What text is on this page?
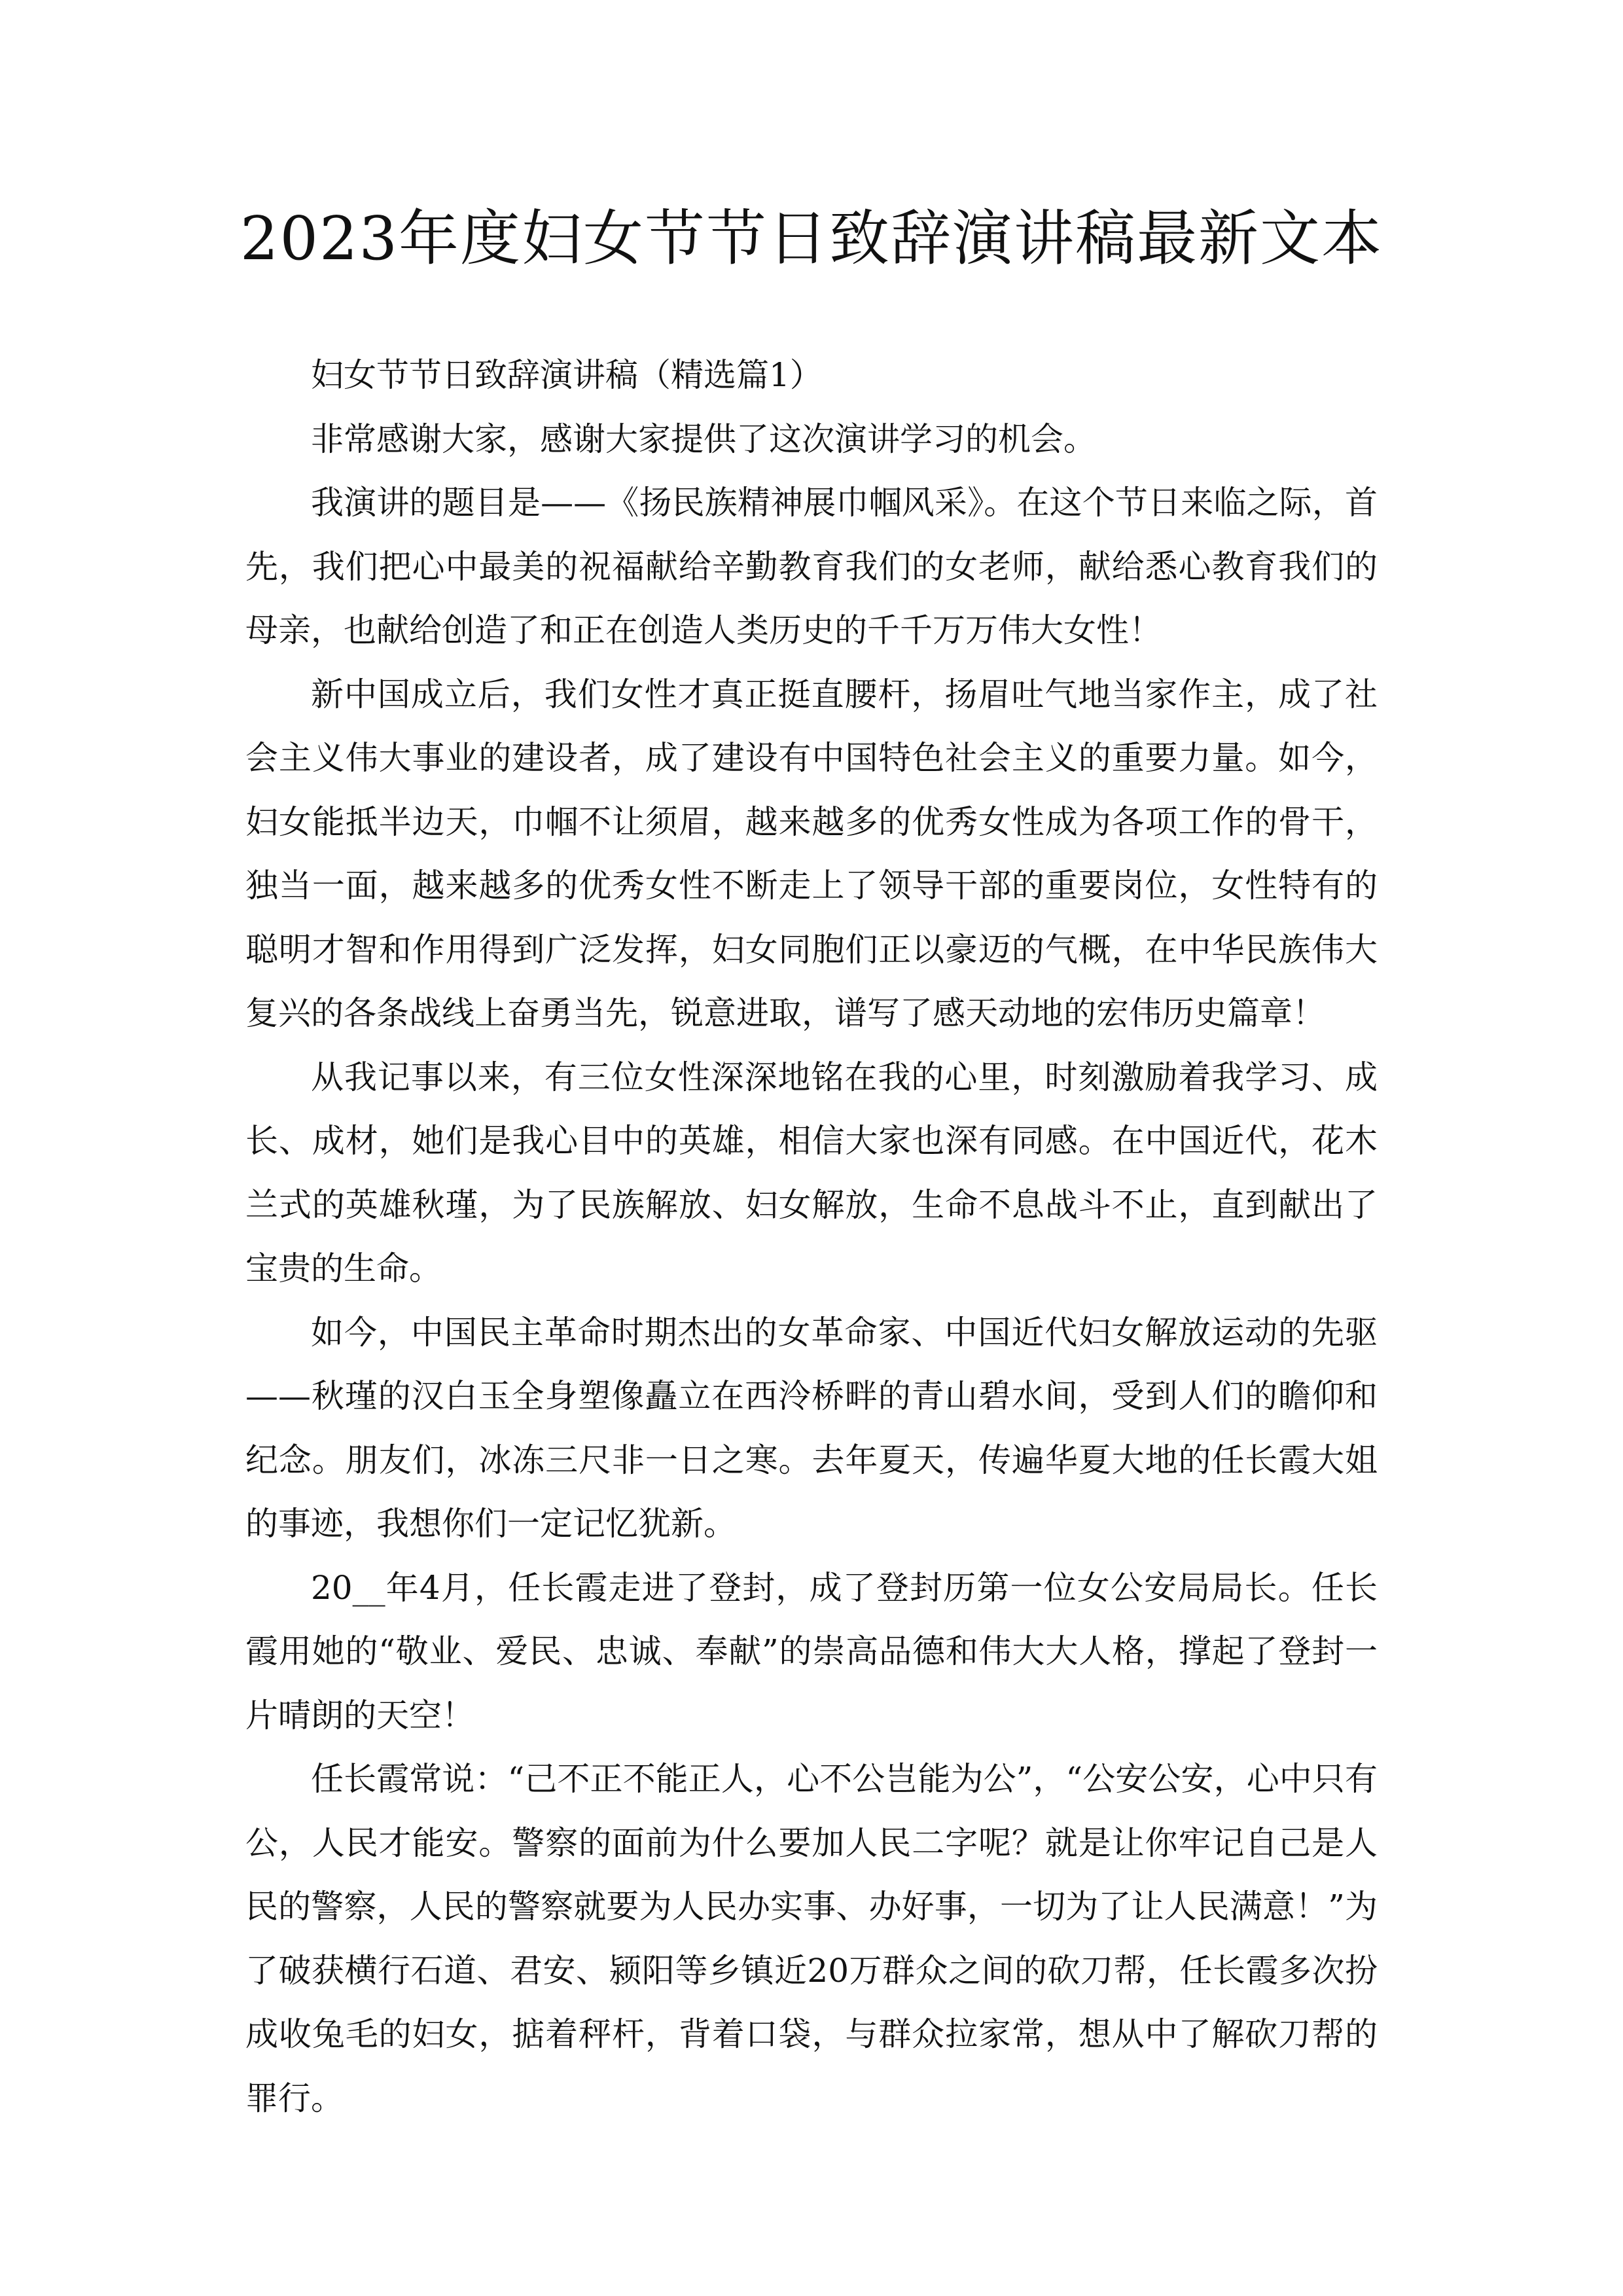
2023年度妇女节节日致辞演讲稿最新文本

妇女节节日致辞演讲稿（精选篇1）

非常感谢大家，感谢大家提供了这次演讲学习的机会。

我演讲的题目是——《扬民族精神展巾帼风采》。在这个节日来临之际，首先，我们把心中最美的祝福献给辛勤教育我们的女老师，献给悉心教育我们的母亲，也献给创造了和正在创造人类历史的千千万万伟大女性！

新中国成立后，我们女性才真正挺直腰杆，扬眉吐气地当家作主，成了社会主义伟大事业的建设者，成了建设有中国特色社会主义的重要力量。如今，妇女能抵半边天，巾帼不让须眉，越来越多的优秀女性成为各项工作的骨干，独当一面，越来越多的优秀女性不断走上了领导干部的重要岗位，女性特有的聪明才智和作用得到广泛发挥，妇女同胞们正以豪迈的气概，在中华民族伟大复兴的各条战线上奋勇当先，锐意进取，谱写了感天动地的宏伟历史篇章！

从我记事以来，有三位女性深深地铭在我的心里，时刻激励着我学习、成长、成材，她们是我心目中的英雄，相信大家也深有同感。在中国近代，花木兰式的英雄秋瑾，为了民族解放、妇女解放，生命不息战斗不止，直到献出了宝贵的生命。

如今，中国民主革命时期杰出的女革命家、中国近代妇女解放运动的先驱——秋瑾的汉白玉全身塑像矗立在西泠桥畔的青山碧水间，受到人们的瞻仰和纪念。朋友们，冰冻三尺非一日之寒。去年夏天，传遍华夏大地的任长霞大姐的事迹，我想你们一定记忆犹新。

20__年4月，任长霞走进了登封，成了登封历第一位女公安局局长。任长霞用她的“敬业、爱民、忠诚、奉献”的崇高品德和伟大大人格，撑起了登封一片晴朗的天空！

任长霞常说：“己不正不能正人，心不公岂能为公”，“公安公安，心中只有公，人民才能安。警察的面前为什么要加人民二字呢？就是让你牢记自己是人民的警察，人民的警察就要为人民办实事、办好事，一切为了让人民满意！”为了破获横行石道、君安、颍阳等乡镇近20万群众之间的砍刀帮，任长霞多次扮成收兔毛的妇女，掂着秤杆，背着口袋，与群众拉家常，想从中了解砍刀帮的罪行。
